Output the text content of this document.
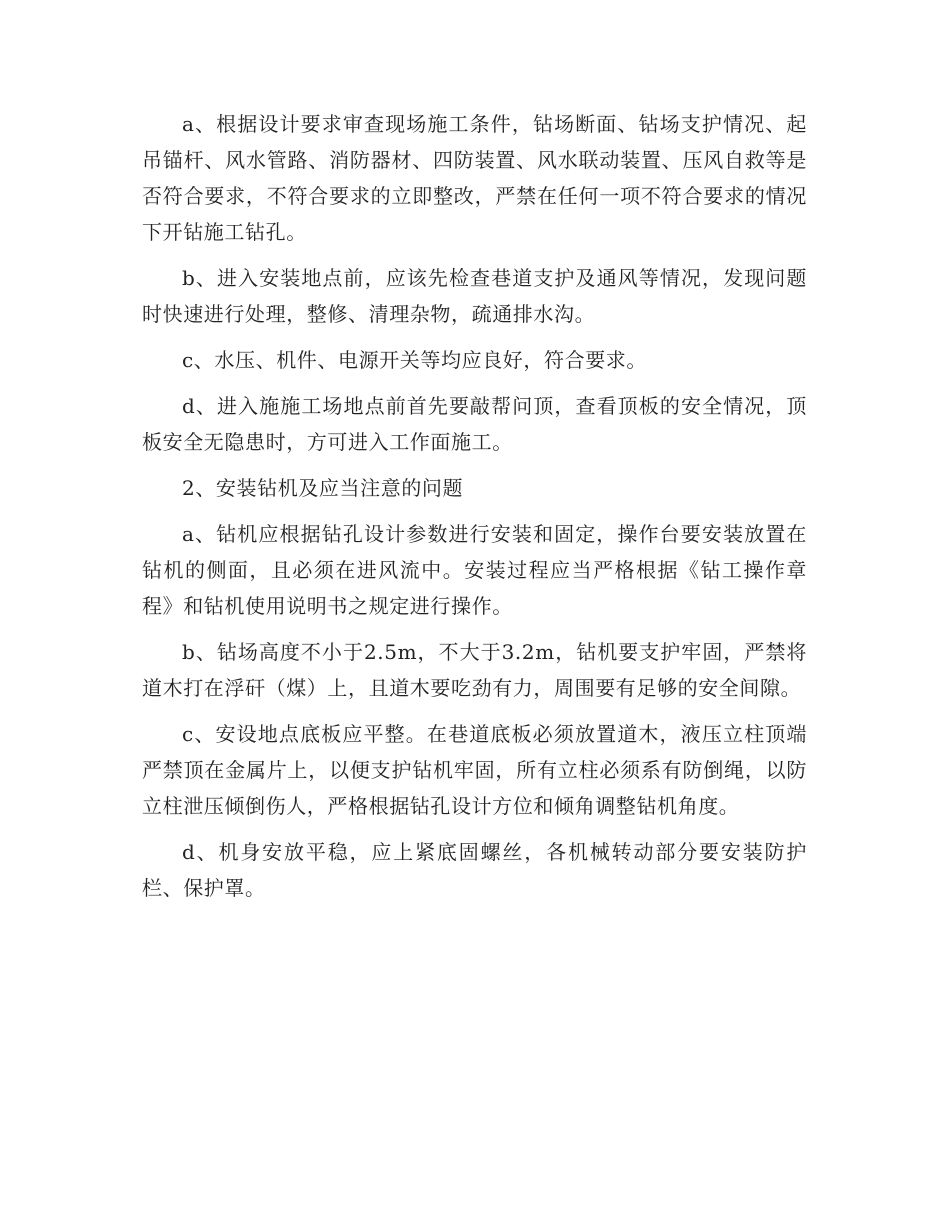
a、根据设计要求审查现场施工条件，钻场断面、钻场支护情况、起吊锚杆、风水管路、消防器材、四防装置、风水联动装置、压风自救等是否符合要求，不符合要求的立即整改，严禁在任何一项不符合要求的情况下开钻施工钻孔。

b、进入安装地点前，应该先检查巷道支护及通风等情况，发现问题时快速进行处理，整修、清理杂物，疏通排水沟。

c、水压、机件、电源开关等均应良好，符合要求。

d、进入施施工场地点前首先要敲帮问顶，查看顶板的安全情况，顶板安全无隐患时，方可进入工作面施工。

2、安装钻机及应当注意的问题

a、钻机应根据钻孔设计参数进行安装和固定，操作台要安装放置在钻机的侧面，且必须在进风流中。安装过程应当严格根据《钻工操作章程》和钻机使用说明书之规定进行操作。

b、钻场高度不小于2.5m，不大于3.2m，钻机要支护牢固，严禁将道木打在浮矸（煤）上，且道木要吃劲有力，周围要有足够的安全间隙。

c、安设地点底板应平整。在巷道底板必须放置道木，液压立柱顶端严禁顶在金属片上，以便支护钻机牢固，所有立柱必须系有防倒绳，以防立柱泄压倾倒伤人，严格根据钻孔设计方位和倾角调整钻机角度。

d、机身安放平稳，应上紧底固螺丝，各机械转动部分要安装防护栏、保护罩。
